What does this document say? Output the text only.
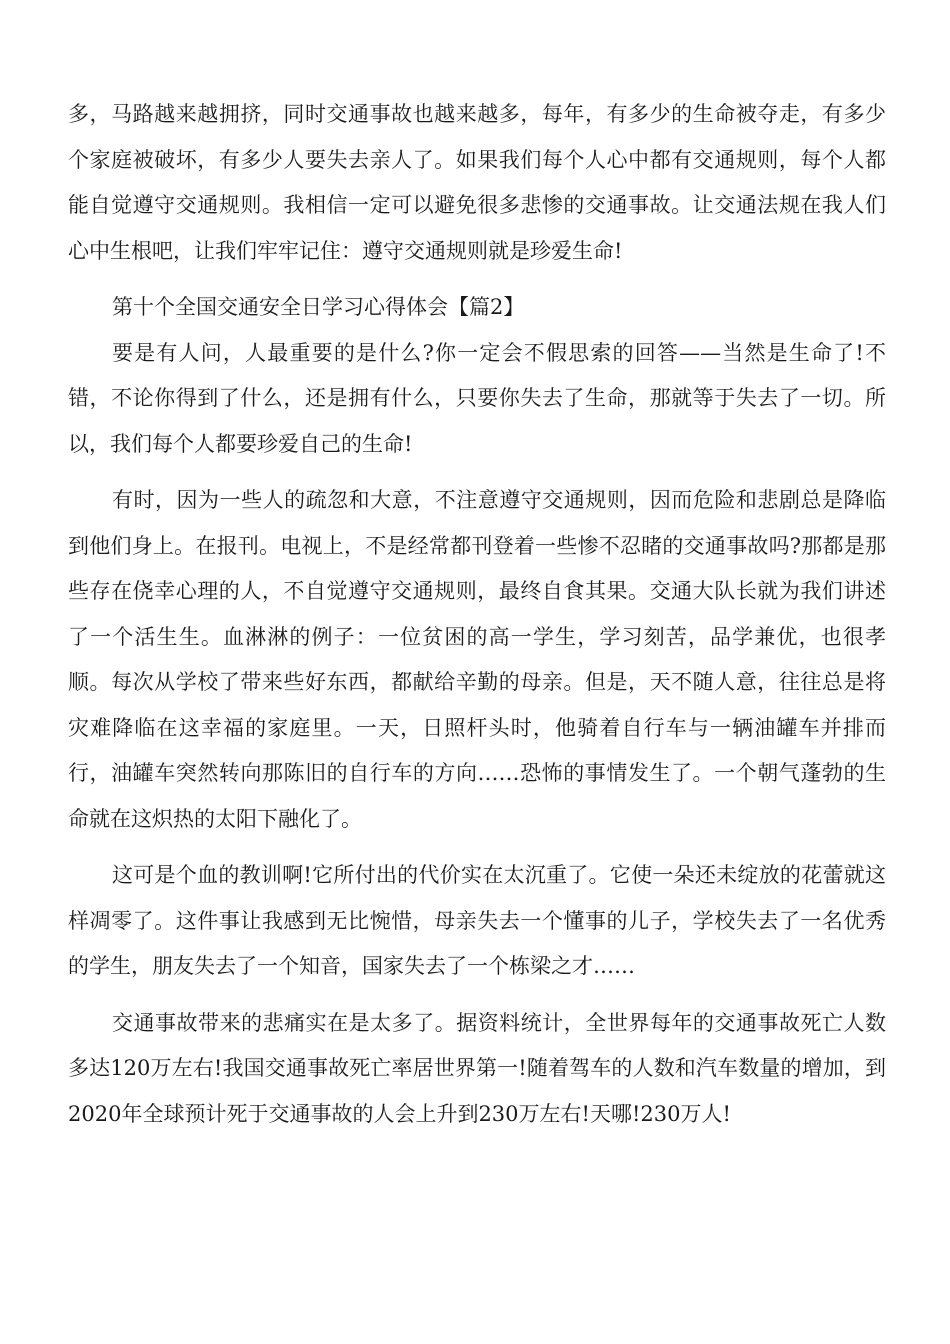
多，马路越来越拥挤，同时交通事故也越来越多，每年，有多少的生命被夺走，有多少个家庭被破坏，有多少人要失去亲人了。如果我们每个人心中都有交通规则，每个人都能自觉遵守交通规则。我相信一定可以避免很多悲惨的交通事故。让交通法规在我人们心中生根吧，让我们牢牢记住：遵守交通规则就是珍爱生命!

第十个全国交通安全日学习心得体会【篇2】

要是有人问，人最重要的是什么?你一定会不假思索的回答——当然是生命了!不错，不论你得到了什么，还是拥有什么，只要你失去了生命，那就等于失去了一切。所以，我们每个人都要珍爱自己的生命!

有时，因为一些人的疏忽和大意，不注意遵守交通规则，因而危险和悲剧总是降临到他们身上。在报刊。电视上，不是经常都刊登着一些惨不忍睹的交通事故吗?那都是那些存在侥幸心理的人，不自觉遵守交通规则，最终自食其果。交通大队长就为我们讲述了一个活生生。血淋淋的例子：一位贫困的高一学生，学习刻苦，品学兼优，也很孝顺。每次从学校了带来些好东西，都献给辛勤的母亲。但是，天不随人意，往往总是将灾难降临在这幸福的家庭里。一天，日照杆头时，他骑着自行车与一辆油罐车并排而行，油罐车突然转向那陈旧的自行车的方向……恐怖的事情发生了。一个朝气蓬勃的生命就在这炽热的太阳下融化了。

这可是个血的教训啊!它所付出的代价实在太沉重了。它使一朵还未绽放的花蕾就这样凋零了。这件事让我感到无比惋惜，母亲失去一个懂事的儿子，学校失去了一名优秀的学生，朋友失去了一个知音，国家失去了一个栋梁之才……

交通事故带来的悲痛实在是太多了。据资料统计，全世界每年的交通事故死亡人数多达120万左右!我国交通事故死亡率居世界第一!随着驾车的人数和汽车数量的增加，到2020年全球预计死于交通事故的人会上升到230万左右!天哪!230万人!
